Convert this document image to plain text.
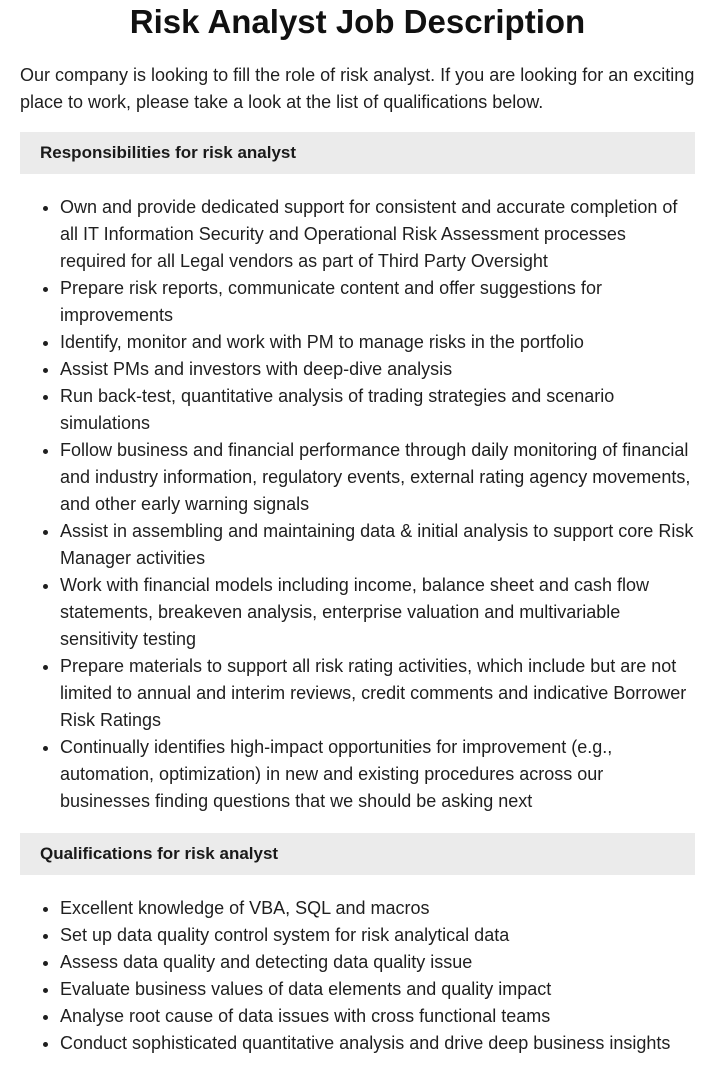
Risk Analyst Job Description

Our company is looking to fill the role of risk analyst. If you are looking for an exciting place to work, please take a look at the list of qualifications below.

Responsibilities for risk analyst
Own and provide dedicated support for consistent and accurate completion of all IT Information Security and Operational Risk Assessment processes required for all Legal vendors as part of Third Party Oversight
Prepare risk reports, communicate content and offer suggestions for improvements
Identify, monitor and work with PM to manage risks in the portfolio
Assist PMs and investors with deep-dive analysis
Run back-test, quantitative analysis of trading strategies and scenario simulations
Follow business and financial performance through daily monitoring of financial and industry information, regulatory events, external rating agency movements, and other early warning signals
Assist in assembling and maintaining data & initial analysis to support core Risk Manager activities
Work with financial models including income, balance sheet and cash flow statements, breakeven analysis, enterprise valuation and multivariable sensitivity testing
Prepare materials to support all risk rating activities, which include but are not limited to annual and interim reviews, credit comments and indicative Borrower Risk Ratings
Continually identifies high-impact opportunities for improvement (e.g., automation, optimization) in new and existing procedures across our businesses finding questions that we should be asking next
Qualifications for risk analyst
Excellent knowledge of VBA, SQL and macros
Set up data quality control system for risk analytical data
Assess data quality and detecting data quality issue
Evaluate business values of data elements and quality impact
Analyse root cause of data issues with cross functional teams
Conduct sophisticated quantitative analysis and drive deep business insights
